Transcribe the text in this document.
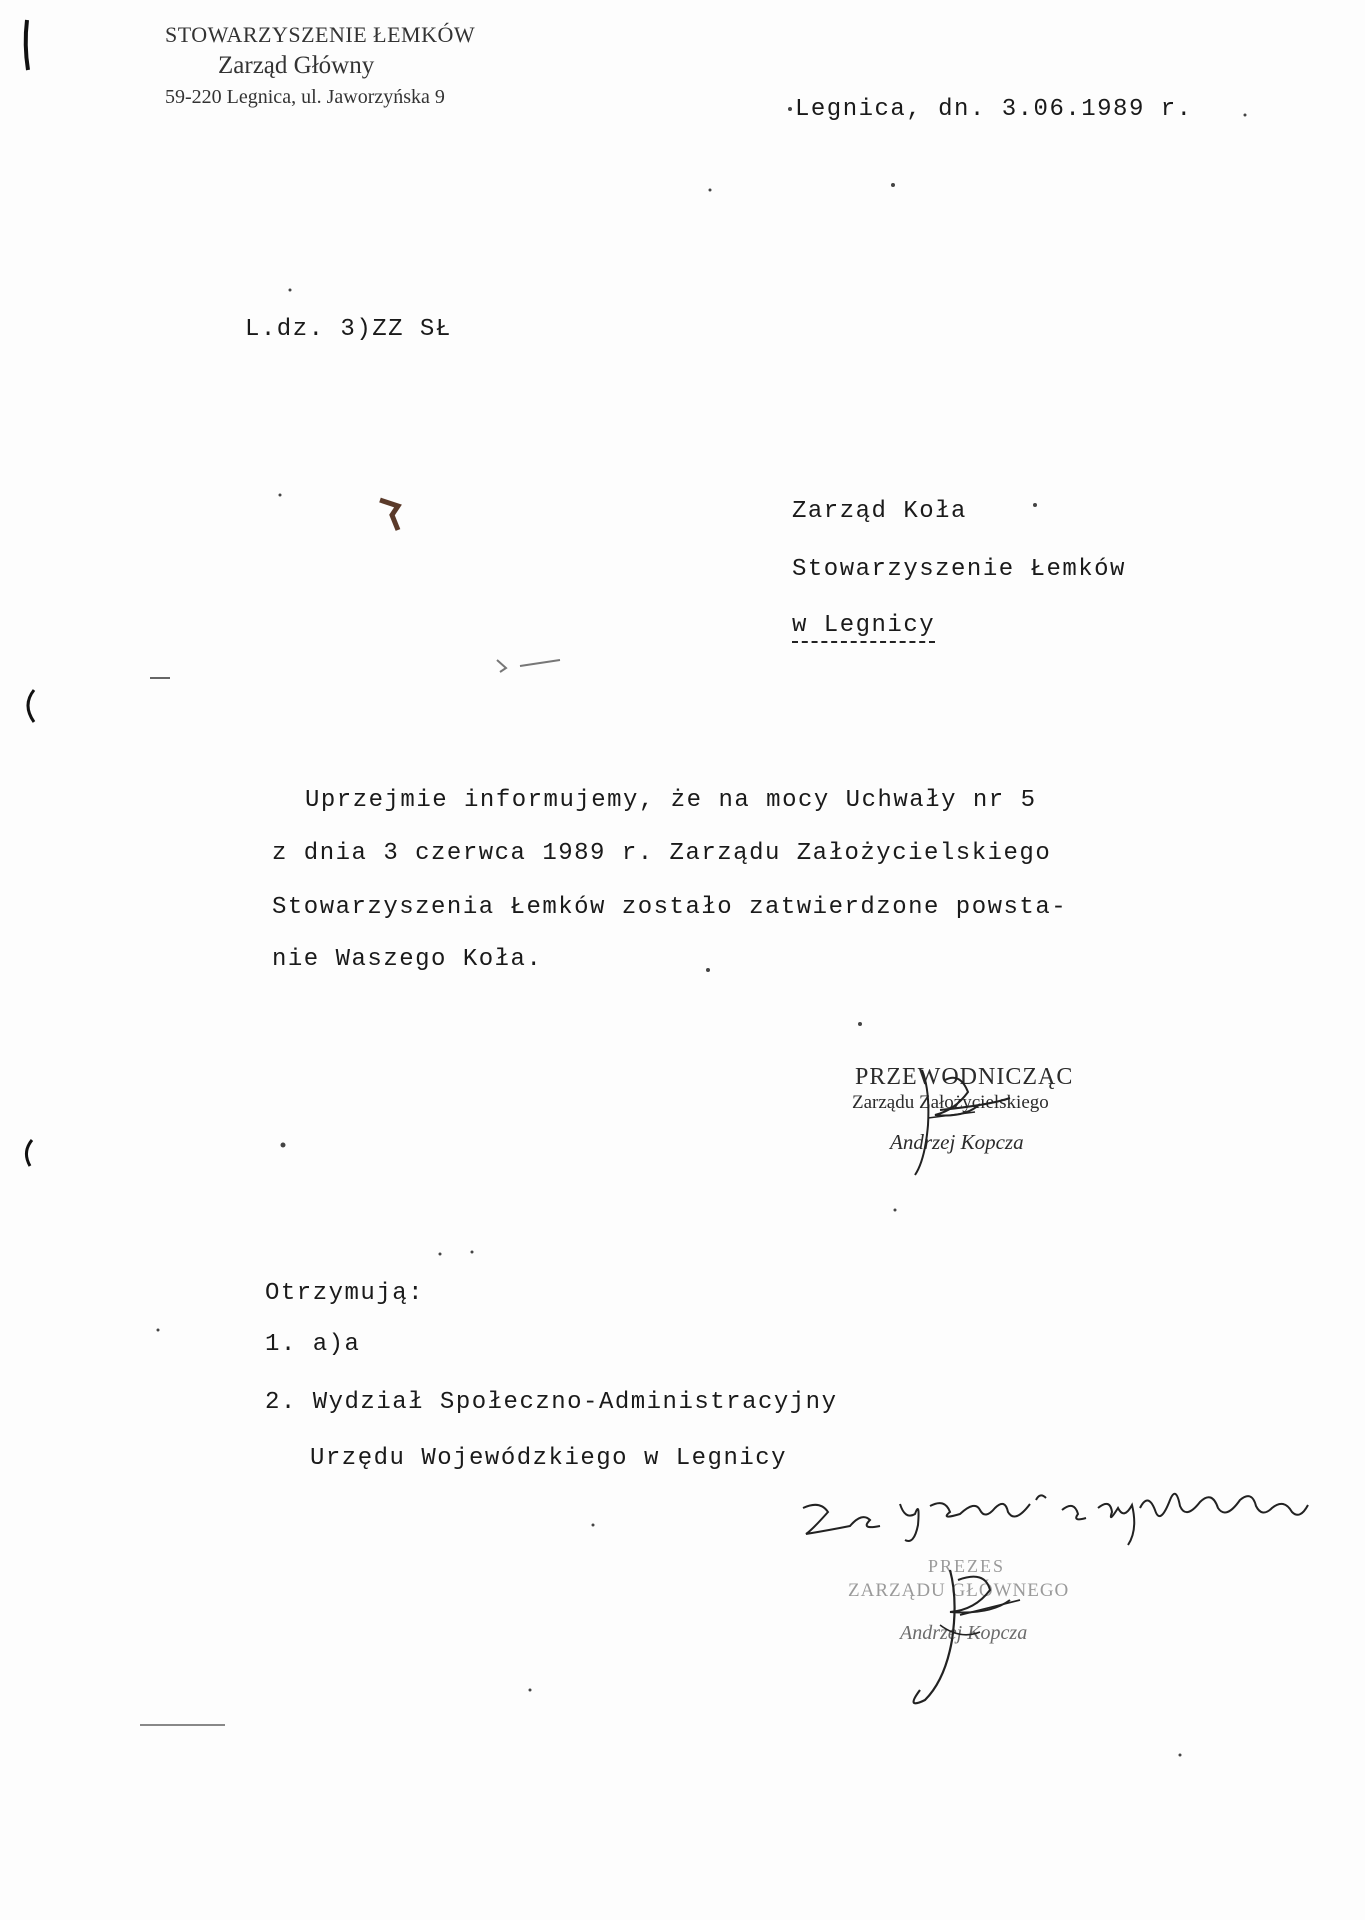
STOWARZYSZENIE ŁEMKÓW
Zarząd Główny
59-220 Legnica, ul. Jaworzyńska 9	Legnica, dn. 3.06.1989 r.
L.dz. 3)ZZ SŁ
Zarząd Koła
Stowarzyszenie Łemków
w Legnicy
Uprzejmie informujemy, że na mocy Uchwały nr 5
z dnia 3 czerwca 1989 r. Zarządu Założycielskiego
Stowarzyszenia Łemków zostało zatwierdzone powsta-
nie Waszego Koła.
PRZEWODNICZĄC
Zarządu Założycielskiego
Andrzej Kopcza
Otrzymują:
1. a)a
2. Wydział Społeczno-Administracyjny
Urzędu Wojewódzkiego w Legnicy
PREZES
ZARZĄDU GŁÓWNEGO
Andrzej Kopcza
